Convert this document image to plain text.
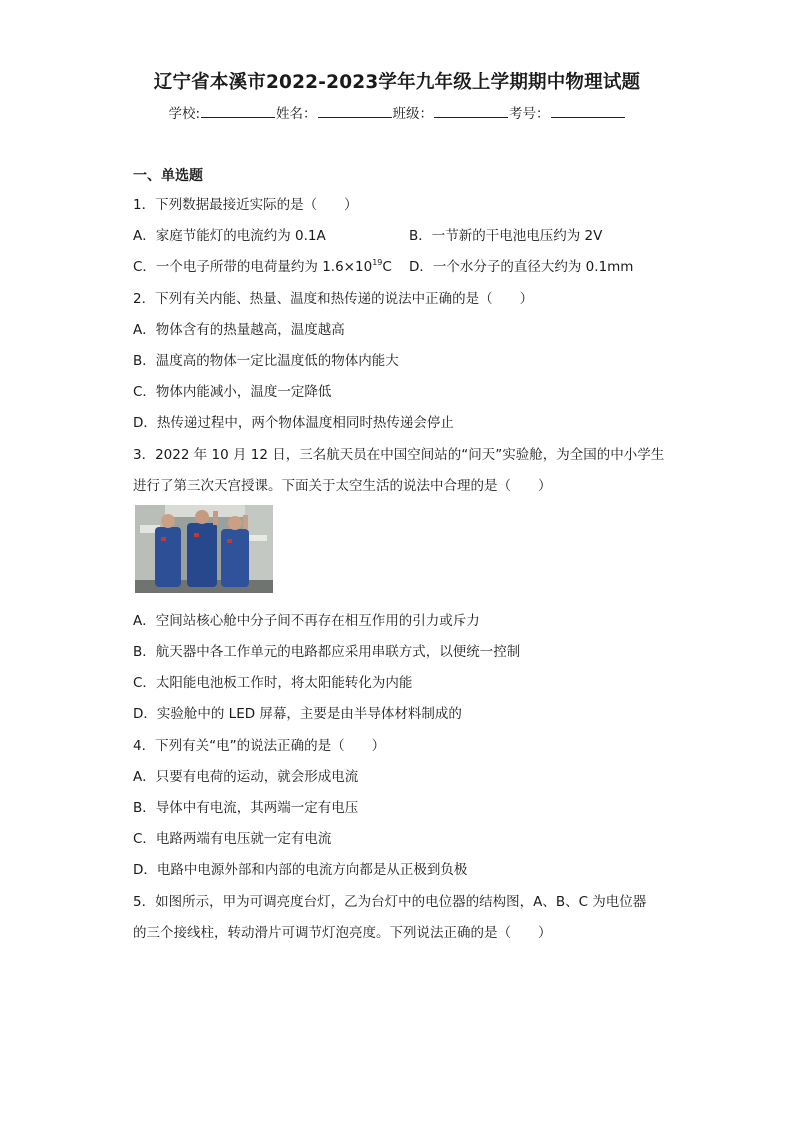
辽宁省本溪市2022-2023学年九年级上学期期中物理试题
学校:	姓名：	班级：	考号：
一、单选题
1．下列数据最接近实际的是（　　）
A．家庭节能灯的电流约为 0.1A	B．一节新的干电池电压约为 2V
C．一个电子所带的电荷量约为 $1.6\times 10^{19}C$ D．一个水分子的直径大约为 0.1mm
2．下列有关内能、热量、温度和热传递的说法中正确的是（　　）
A．物体含有的热量越高，温度越高
B．温度高的物体一定比温度低的物体内能大
C．物体内能减小，温度一定降低
D．热传递过程中，两个物体温度相同时热传递会停止
3．2022 年 10 月 12 日，三名航天员在中国空间站的“问天”实验舱，为全国的中小学生
进行了第三次天宫授课。下面关于太空生活的说法中合理的是（　　）
A．空间站核心舱中分子间不再存在相互作用的引力或斥力
B．航天器中各工作单元的电路都应采用串联方式，以便统一控制
C．太阳能电池板工作时，将太阳能转化为内能
D．实验舱中的 LED 屏幕，主要是由半导体材料制成的
4．下列有关“电”的说法正确的是（　　）
A．只要有电荷的运动，就会形成电流
B．导体中有电流，其两端一定有电压
C．电路两端有电压就一定有电流
D．电路中电源外部和内部的电流方向都是从正极到负极
5．如图所示，甲为可调亮度台灯，乙为台灯中的电位器的结构图，A、B、C 为电位器
的三个接线柱，转动滑片可调节灯泡亮度。下列说法正确的是（　　）
